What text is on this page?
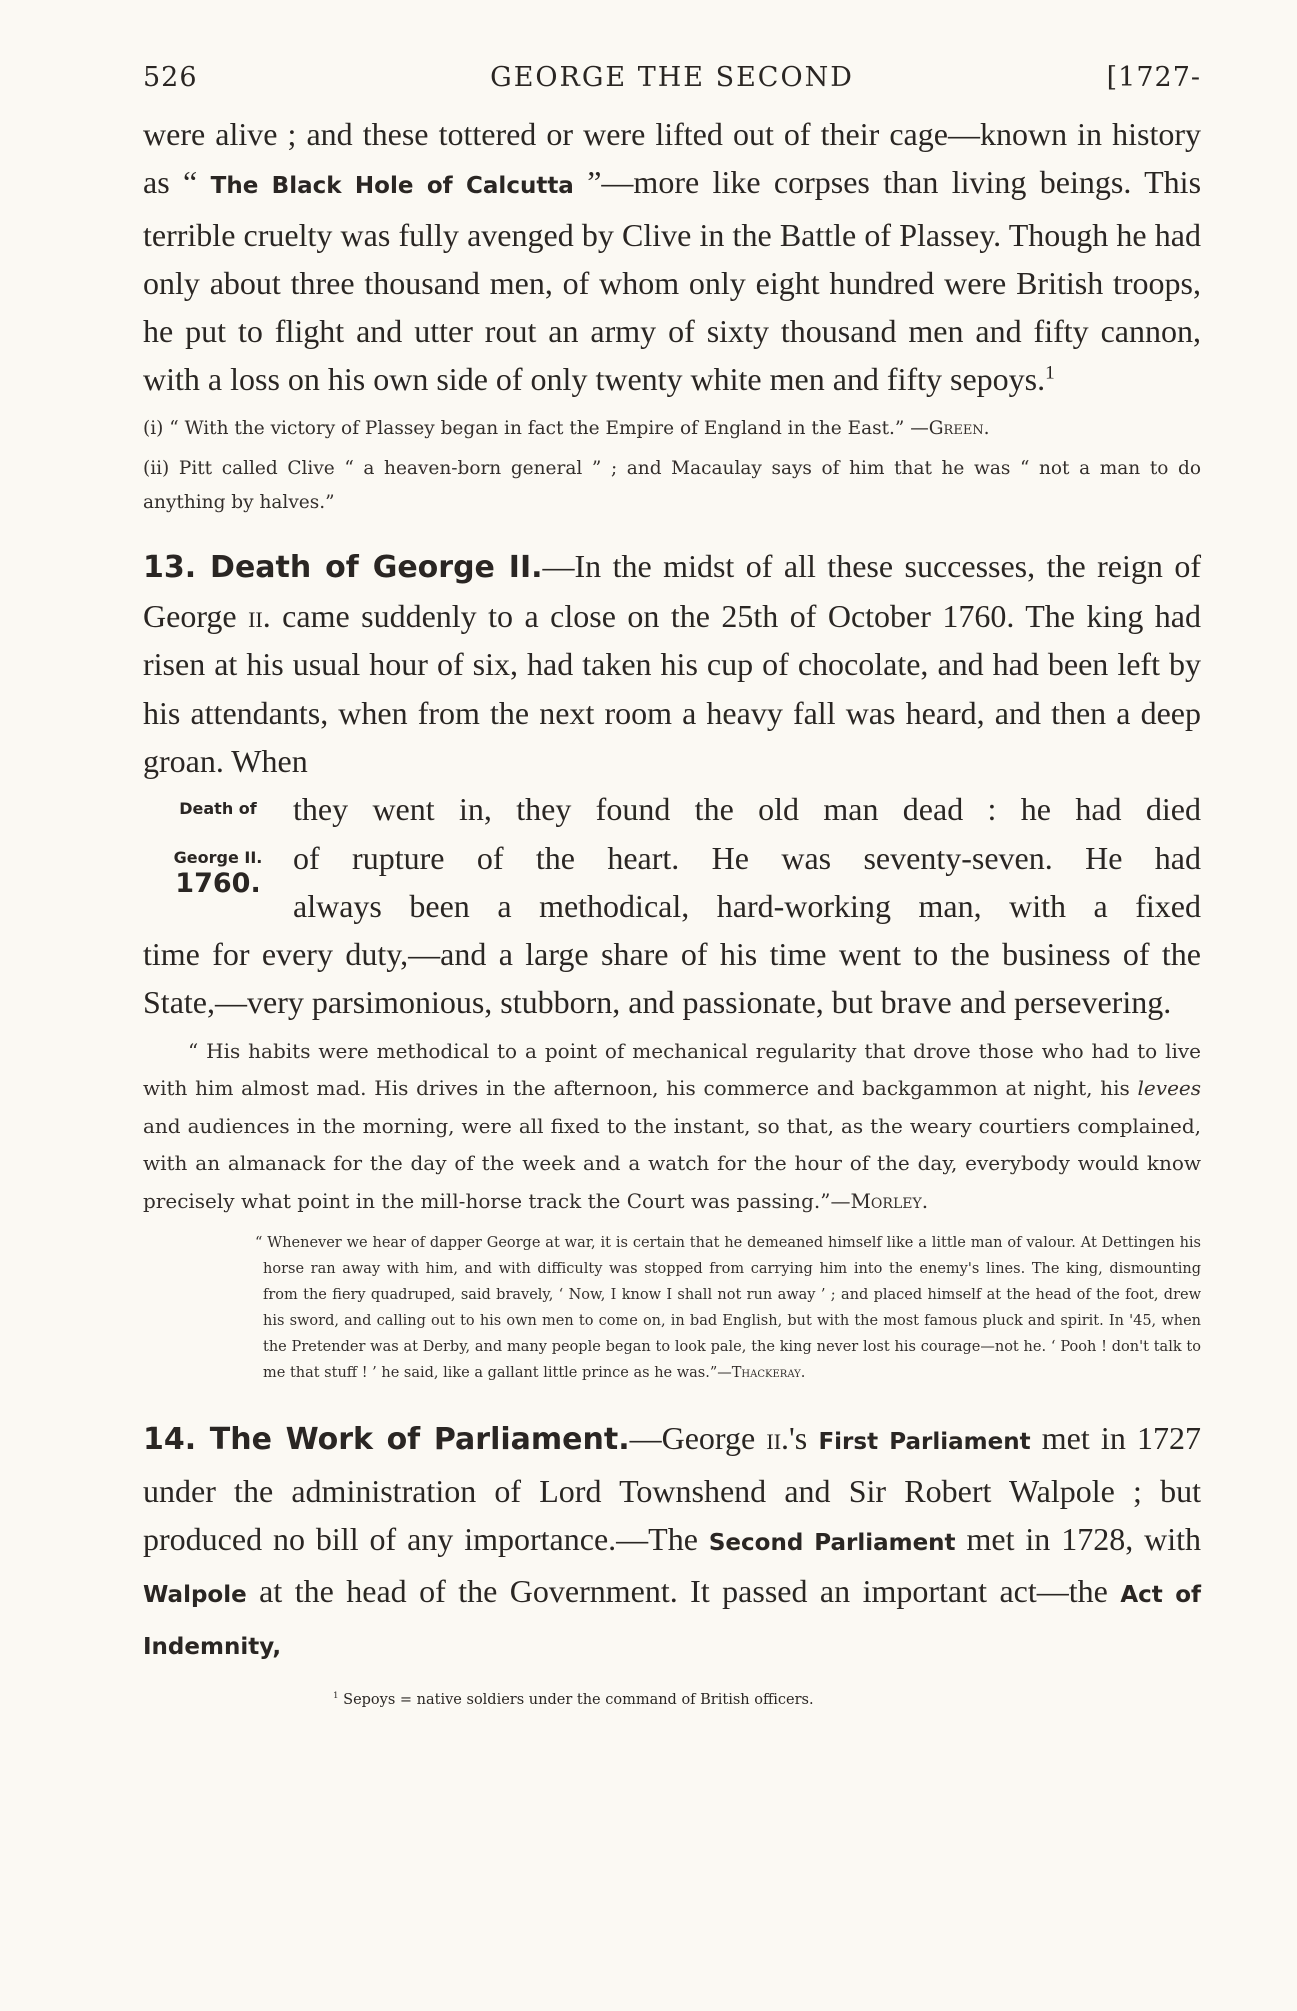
526	GEORGE THE SECOND	[1727-

were alive ; and these tottered or were lifted out of their cage—known in history as “ The Black Hole of Calcutta ”—more like corpses than living beings. This terrible cruelty was fully avenged by Clive in the Battle of Plassey. Though he had only about three thousand men, of whom only eight hundred were British troops, he put to flight and utter rout an army of sixty thousand men and fifty cannon, with a loss on his own side of only twenty white men and fifty sepoys.$^1$

(i) “ With the victory of Plassey began in fact the Empire of England in the East.” —Green.

(ii) Pitt called Clive “ a heaven-born general ” ; and Macaulay says of him that he was “ not a man to do anything by halves.”

13. Death of George II.—In the midst of all these successes, the reign of George ii. came suddenly to a close on the 25th of October 1760. The king had risen at his usual hour of six, had taken his cup of chocolate, and had been left by his attendants, when from the next room a heavy fall was heard, and then a deep groan. When

Death of
George II.
1760.

they went in, they found the old man dead : he had died

of rupture of the heart. He was seventy-seven. He had

always been a methodical, hard-working man, with a fixed

time for every duty,—and a large share of his time went to the business of the State,—very parsimonious, stubborn, and passionate, but brave and persevering.

“ His habits were methodical to a point of mechanical regularity that drove those who had to live with him almost mad. His drives in the afternoon, his commerce and backgammon at night, his levees and audiences in the morning, were all fixed to the instant, so that, as the weary courtiers complained, with an almanack for the day of the week and a watch for the hour of the day, everybody would know precisely what point in the mill-horse track the Court was passing.”—Morley.

“ Whenever we hear of dapper George at war, it is certain that he demeaned himself like a little man of valour. At Dettingen his horse ran away with him, and with difficulty was stopped from carrying him into the enemy's lines. The king, dismounting from the fiery quadruped, said bravely, ‘ Now, I know I shall not run away ’ ; and placed himself at the head of the foot, drew his sword, and calling out to his own men to come on, in bad English, but with the most famous pluck and spirit. In '45, when the Pretender was at Derby, and many people began to look pale, the king never lost his courage—not he. ‘ Pooh ! don't talk to me that stuff ! ’ he said, like a gallant little prince as he was.”—Thackeray.

14. The Work of Parliament.—George ii.'s First Parliament met in 1727 under the administration of Lord Townshend and Sir Robert Walpole ; but produced no bill of any importance.—The Second Parliament met in 1728, with Walpole at the head of the Government. It passed an important act—the Act of Indemnity,

$^1$ Sepoys = native soldiers under the command of British officers.
